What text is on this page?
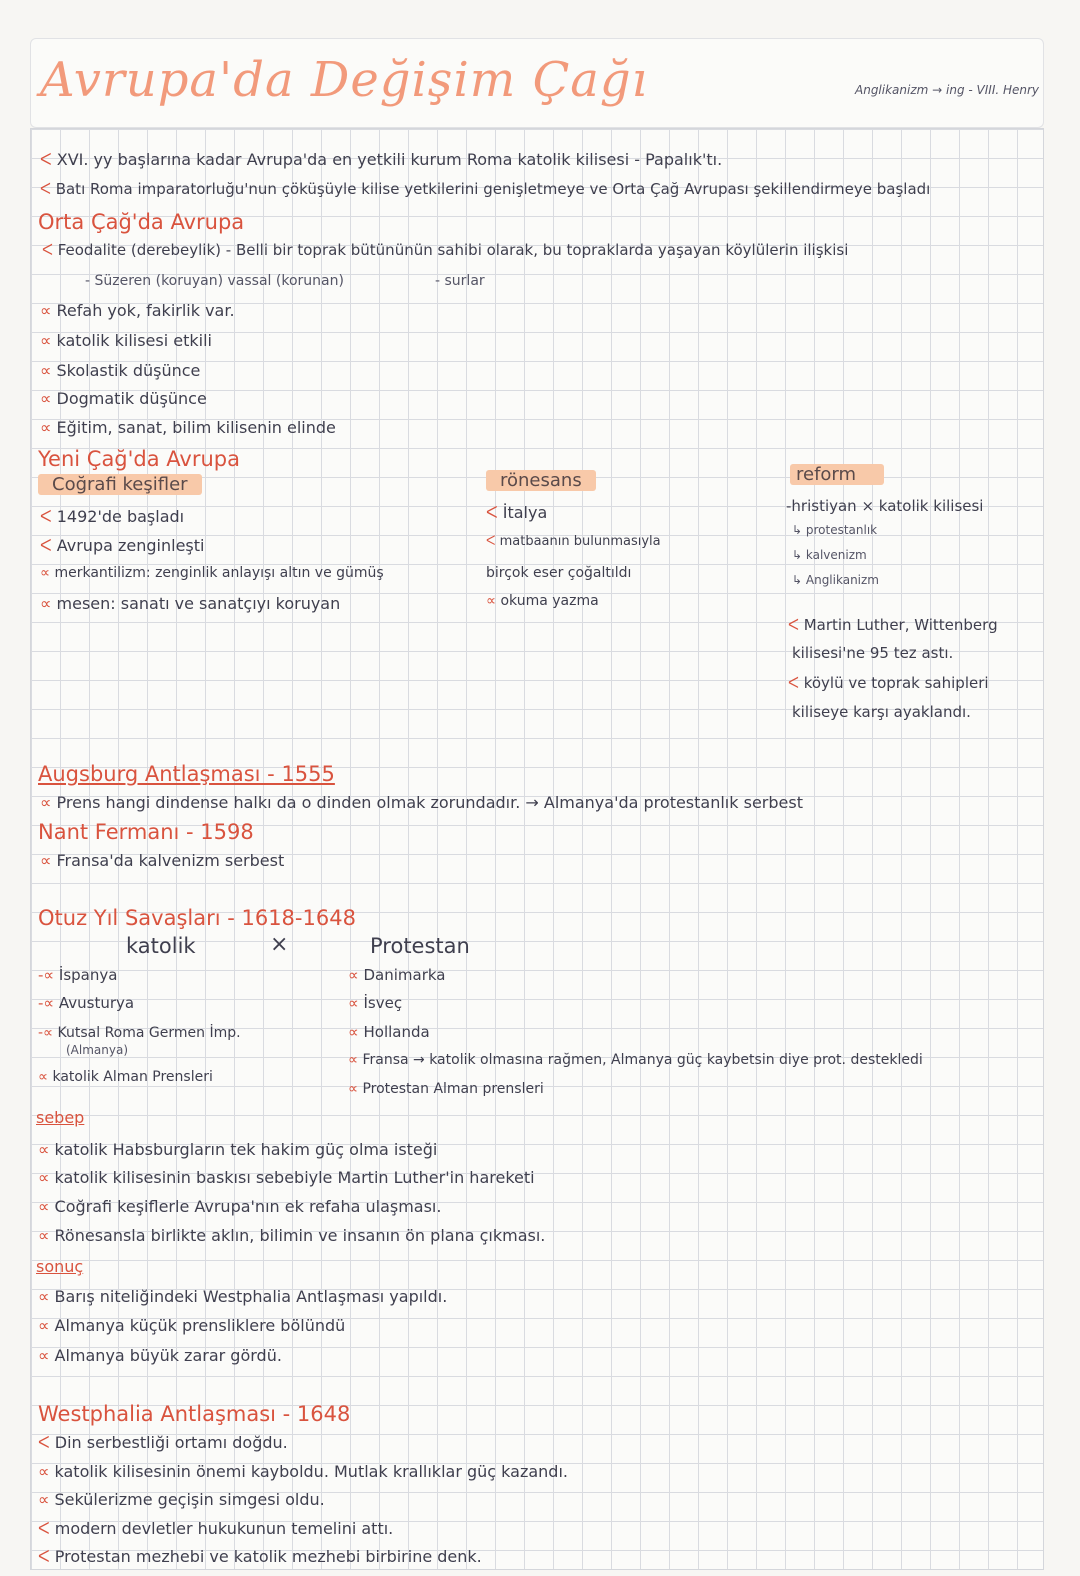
Avrupa'da Değişim Çağı	Anglikanizm → ing - VIII. Henry
ᐸ XVI. yy başlarına kadar Avrupa'da en yetkili kurum Roma katolik kilisesi - Papalık'tı.
ᐸ Batı Roma imparatorluğu'nun çöküşüyle kilise yetkilerini genişletmeye ve Orta Çağ Avrupası şekillendirmeye başladı
Orta Çağ'da Avrupa
ᐸ Feodalite (derebeylik) - Belli bir toprak bütününün sahibi olarak, bu topraklarda yaşayan köylülerin ilişkisi
- Süzeren (koruyan) vassal (korunan)	- surlar
∝ Refah yok, fakirlik var.
∝ katolik kilisesi etkili
∝ Skolastik düşünce
∝ Dogmatik düşünce
∝ Eğitim, sanat, bilim kilisenin elinde
Yeni Çağ'da Avrupa
Coğrafi keşifler
ᐸ 1492'de başladı
ᐸ Avrupa zenginleşti
∝ merkantilizm: zenginlik anlayışı altın ve gümüş
∝ mesen: sanatı ve sanatçıyı koruyan
rönesans
ᐸ İtalya
ᐸ matbaanın bulunmasıyla
birçok eser çoğaltıldı
∝ okuma yazma
reform
-hristiyan × katolik kilisesi
↳ protestanlık
↳ kalvenizm
↳ Anglikanizm
ᐸ Martin Luther, Wittenberg
kilisesi'ne 95 tez astı.
ᐸ köylü ve toprak sahipleri
kiliseye karşı ayaklandı.
Augsburg Antlaşması - 1555
∝ Prens hangi dindense halkı da o dinden olmak zorundadır. → Almanya'da protestanlık serbest
Nant Fermanı - 1598
∝ Fransa'da kalvenizm serbest
Otuz Yıl Savaşları - 1618-1648
katolik	×	Protestan
-∝ İspanya
-∝ Avusturya
-∝ Kutsal Roma Germen İmp.
(Almanya)
∝ katolik Alman Prensleri
∝ Danimarka
∝ İsveç
∝ Hollanda
∝ Fransa → katolik olmasına rağmen, Almanya güç kaybetsin diye prot. destekledi
∝ Protestan Alman prensleri
sebep
∝ katolik Habsburgların tek hakim güç olma isteği
∝ katolik kilisesinin baskısı sebebiyle Martin Luther'in hareketi
∝ Coğrafi keşiflerle Avrupa'nın ek refaha ulaşması.
∝ Rönesansla birlikte aklın, bilimin ve insanın ön plana çıkması.
sonuç
∝ Barış niteliğindeki Westphalia Antlaşması yapıldı.
∝ Almanya küçük prensliklere bölündü
∝ Almanya büyük zarar gördü.
Westphalia Antlaşması - 1648
ᐸ Din serbestliği ortamı doğdu.
∝ katolik kilisesinin önemi kayboldu. Mutlak krallıklar güç kazandı.
∝ Sekülerizme geçişin simgesi oldu.
ᐸ modern devletler hukukunun temelini attı.
ᐸ Protestan mezhebi ve katolik mezhebi birbirine denk.
